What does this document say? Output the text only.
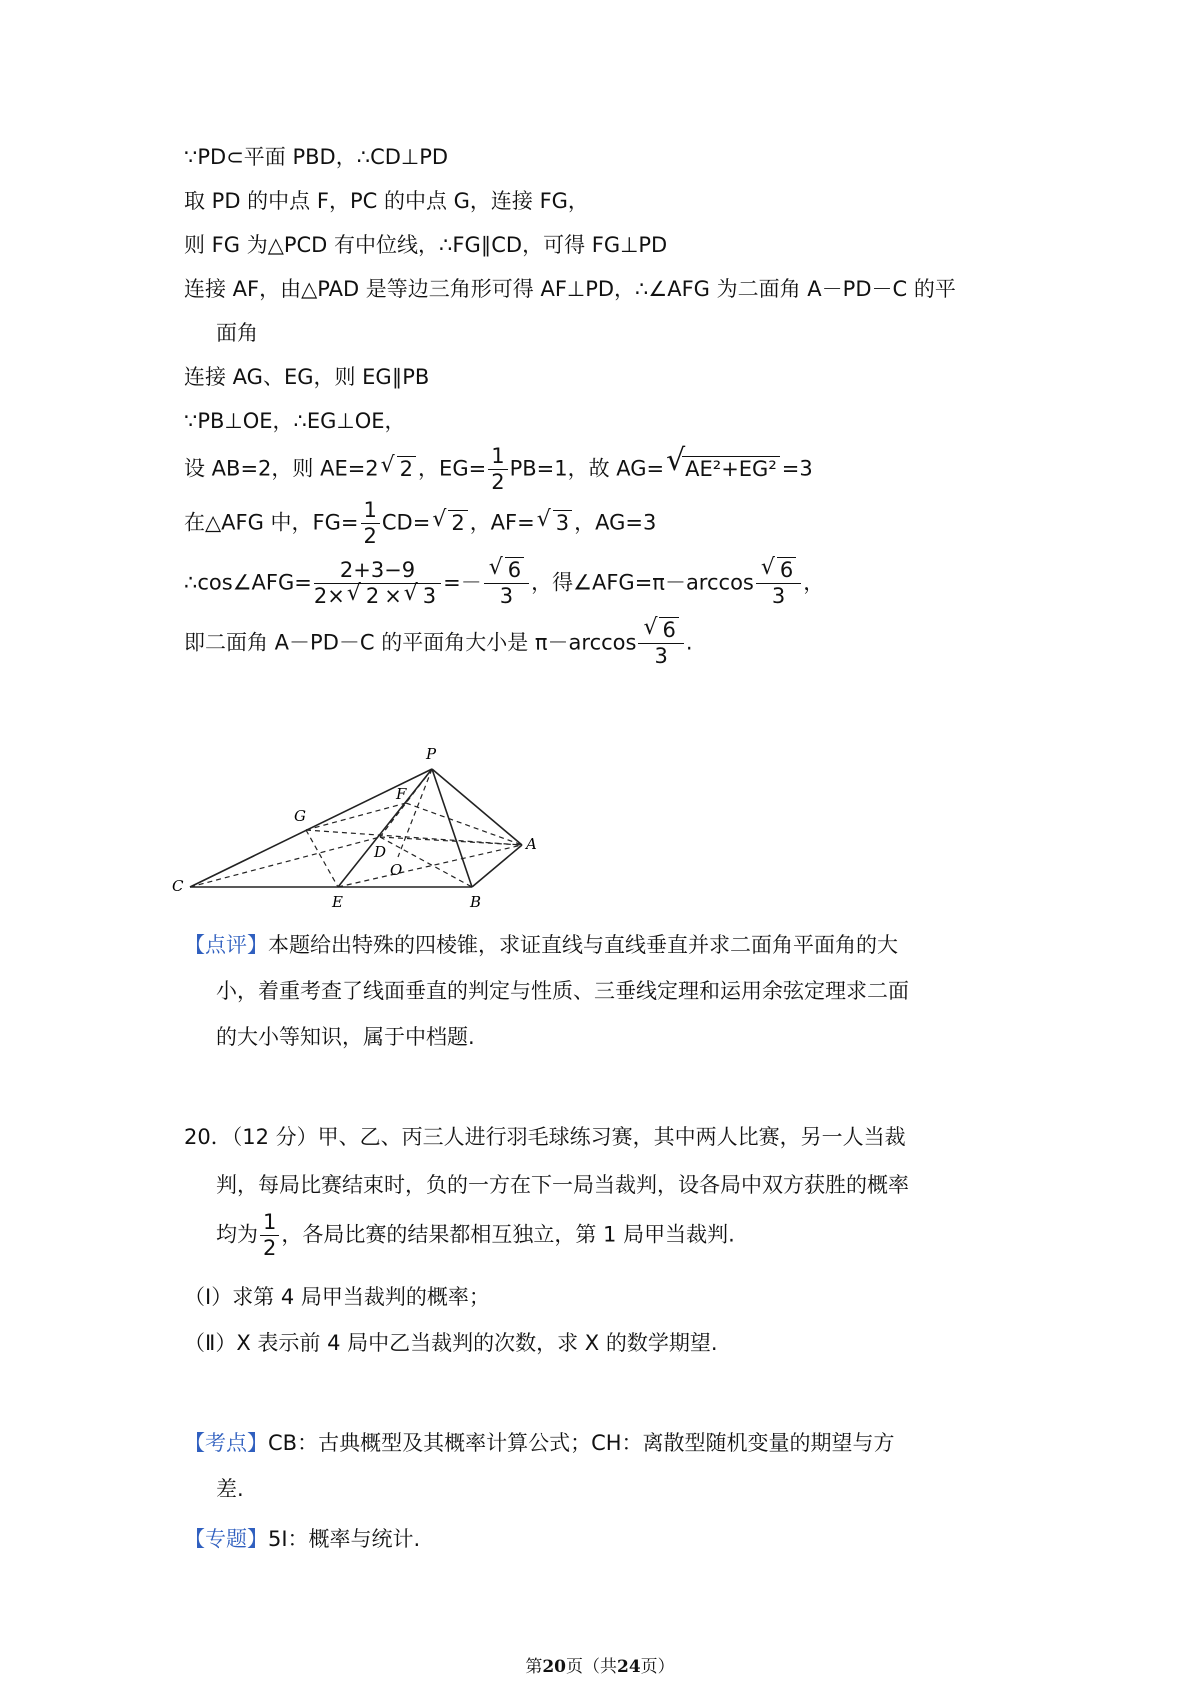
∵PD⊂平面 PBD，∴CD⊥PD
取 PD 的中点 F，PC 的中点 G，连接 FG，
则 FG 为△PCD 有中位线，∴FG∥CD，可得 FG⊥PD
连接 AF，由△PAD 是等边三角形可得 AF⊥PD，∴∠AFG 为二面角 A－PD－C 的平
面角
连接 AG、EG，则 EG∥PB
∵PB⊥OE，∴EG⊥OE，
设 AB=2，则 AE=2√ 2 ，$EG= \frac{1}{2} PB=1$，故 AG=√ AE²+EG² =3
在△AFG 中，$FG= \frac{1}{2} CD=√$ 2 ，AF=√ 3 ，AG=3
∴cos∠AFG= $\frac{2+3-9}{2\times√ 2 \times√ 3}$ =－
√ $\frac{6}{3}$ ，得∠AFG=π－arccos
√ $\frac{6}{3}$ ，
即二面角 A－PD－C 的平面角大小是 π－arccos
√ $\frac{6}{3}$ .
P
G
F
D
O
A
C
E	B
【点评】本题给出特殊的四棱锥，求证直线与直线垂直并求二面角平面角的大
小，着重考查了线面垂直的判定与性质、三垂线定理和运用余弦定理求二面
的大小等知识，属于中档题.
20．（12 分）甲、乙、丙三人进行羽毛球练习赛，其中两人比赛，另一人当裁
判，每局比赛结束时，负的一方在下一局当裁判，设各局中双方获胜的概率
均为 $\frac{1}{2}$ ，各局比赛的结果都相互独立，第 1 局甲当裁判.
（Ⅰ）求第 4 局甲当裁判的概率；
（Ⅱ）X 表示前 4 局中乙当裁判的次数，求 X 的数学期望.
【考点】CB：古典概型及其概率计算公式；CH：离散型随机变量的期望与方
差.
【专题】5I：概率与统计.
第20页（共24页）
